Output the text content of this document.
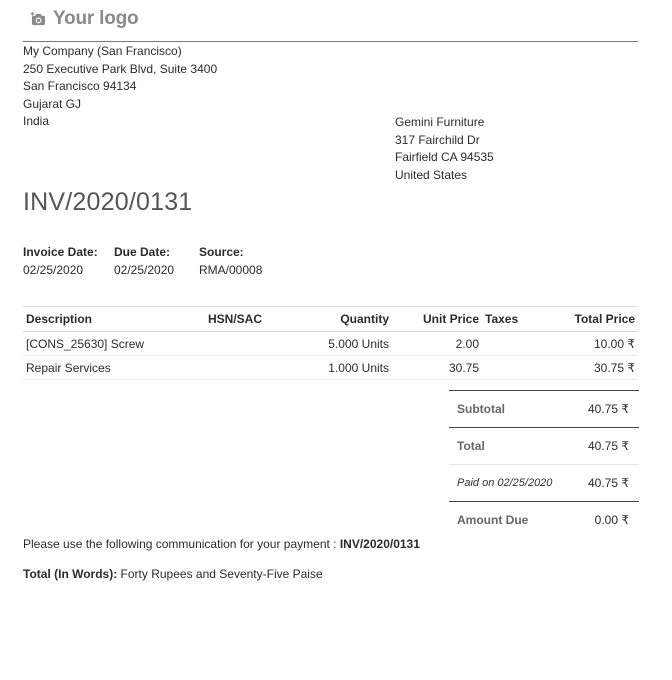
Your logo
My Company (San Francisco)
250 Executive Park Blvd, Suite 3400
San Francisco 94134
Gujarat GJ
India	Gemini Furniture
317 Fairchild Dr
Fairfield CA 94535
United States
INV/2020/0131
Invoice Date:
02/25/2020
Due Date:
02/25/2020
Source:
RMA/00008
Description	HSN/SAC	Quantity	Unit Price	Taxes	Total Price
[CONS_25630] Screw		5.000 Units	2.00		10.00 ₹
Repair Services		1.000 Units	30.75		30.75 ₹
Subtotal	40.75 ₹
Total	40.75 ₹
Paid on 02/25/2020	40.75 ₹
Amount Due	0.00 ₹
Please use the following communication for your payment : INV/2020/0131
Total (In Words): Forty Rupees and Seventy-Five Paise
